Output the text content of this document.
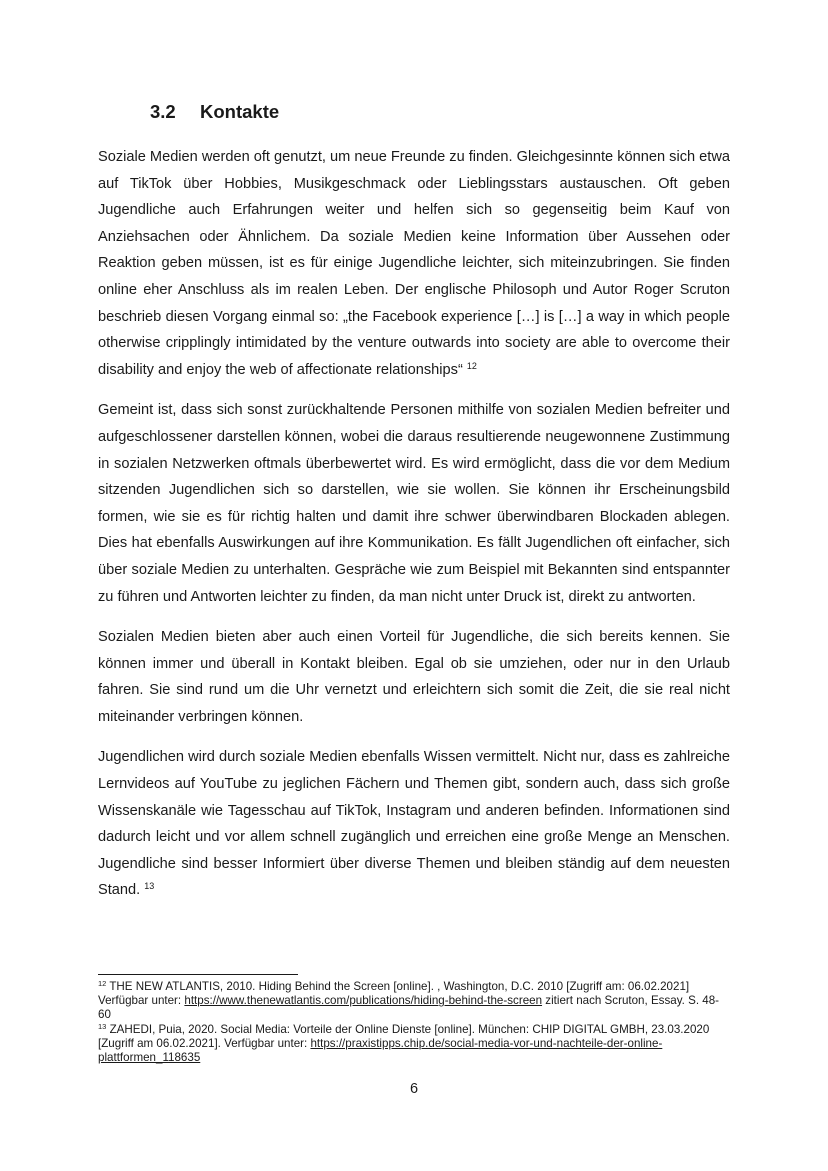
3.2 Kontakte

Soziale Medien werden oft genutzt, um neue Freunde zu finden. Gleichgesinnte können sich etwa auf TikTok über Hobbies, Musikgeschmack oder Lieblingsstars austauschen. Oft geben Jugendliche auch Erfahrungen weiter und helfen sich so gegenseitig beim Kauf von Anziehsachen oder Ähnlichem. Da soziale Medien keine Information über Aussehen oder Reaktion geben müssen, ist es für einige Jugendliche leichter, sich miteinzubringen. Sie finden online eher Anschluss als im realen Leben. Der englische Philosoph und Autor Roger Scruton beschrieb diesen Vorgang einmal so: „the Facebook experience […] is […] a way in which people otherwise cripplingly intimidated by the venture outwards into society are able to overcome their disability and enjoy the web of affectionate relationships“ $^{12}$

Gemeint ist, dass sich sonst zurückhaltende Personen mithilfe von sozialen Medien befreiter und aufgeschlossener darstellen können, wobei die daraus resultierende neugewonnene Zustimmung in sozialen Netzwerken oftmals überbewertet wird. Es wird ermöglicht, dass die vor dem Medium sitzenden Jugendlichen sich so darstellen, wie sie wollen. Sie können ihr Erscheinungsbild formen, wie sie es für richtig halten und damit ihre schwer überwindbaren Blockaden ablegen. Dies hat ebenfalls Auswirkungen auf ihre Kommunikation. Es fällt Jugendlichen oft einfacher, sich über soziale Medien zu unterhalten. Gespräche wie zum Beispiel mit Bekannten sind entspannter zu führen und Antworten leichter zu finden, da man nicht unter Druck ist, direkt zu antworten.

Sozialen Medien bieten aber auch einen Vorteil für Jugendliche, die sich bereits kennen. Sie können immer und überall in Kontakt bleiben. Egal ob sie umziehen, oder nur in den Urlaub fahren. Sie sind rund um die Uhr vernetzt und erleichtern sich somit die Zeit, die sie real nicht miteinander verbringen können.

Jugendlichen wird durch soziale Medien ebenfalls Wissen vermittelt. Nicht nur, dass es zahlreiche Lernvideos auf YouTube zu jeglichen Fächern und Themen gibt, sondern auch, dass sich große Wissenskanäle wie Tagesschau auf TikTok, Instagram und anderen befinden. Informationen sind dadurch leicht und vor allem schnell zugänglich und erreichen eine große Menge an Menschen. Jugendliche sind besser Informiert über diverse Themen und bleiben ständig auf dem neuesten Stand. $^{13}$

$^{12}$ THE NEW ATLANTIS, 2010. Hiding Behind the Screen [online]. , Washington, D.C. 2010 [Zugriff am: 06.02.2021] Verfügbar unter: https://www.thenewatlantis.com/publications/hiding-behind-the-screen zitiert nach Scruton, Essay. S. 48-60

$^{13}$ ZAHEDI, Puia, 2020. Social Media: Vorteile der Online Dienste [online]. München: CHIP DIGITAL GMBH, 23.03.2020 [Zugriff am 06.02.2021]. Verfügbar unter: https://praxistipps.chip.de/social-media-vor-und-nachteile-der-online-plattformen_118635

6
